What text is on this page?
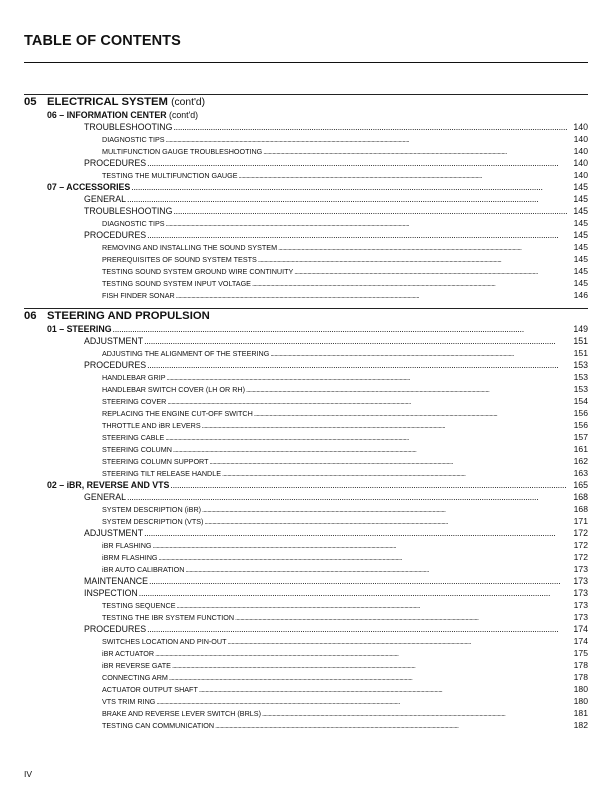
TABLE OF CONTENTS
05 ELECTRICAL SYSTEM (cont'd)
06 – INFORMATION CENTER (cont'd)
TROUBLESHOOTING . . .	140
DIAGNOSTIC TIPS . . .	140
MULTIFUNCTION GAUGE TROUBLESHOOTING . . .	140
PROCEDURES . . .	140
TESTING THE MULTIFUNCTION GAUGE . . .	140
07 – ACCESSORIES . . .	145
GENERAL . . .	145
TROUBLESHOOTING . . .	145
DIAGNOSTIC TIPS . . .	145
PROCEDURES . . .	145
REMOVING AND INSTALLING THE SOUND SYSTEM . . .	145
PREREQUISITES OF SOUND SYSTEM TESTS . . .	145
TESTING SOUND SYSTEM GROUND WIRE CONTINUITY . . .	145
TESTING SOUND SYSTEM INPUT VOLTAGE . . .	145
FISH FINDER SONAR . . .	146
06 STEERING AND PROPULSION
01 – STEERING . . .	149
ADJUSTMENT . . .	151
ADJUSTING THE ALIGNMENT OF THE STEERING . . .	151
PROCEDURES . . .	153
HANDLEBAR GRIP . . .	153
HANDLEBAR SWITCH COVER (LH OR RH) . . .	153
STEERING COVER . . .	154
REPLACING THE ENGINE CUT-OFF SWITCH . . .	156
THROTTLE AND iBR LEVERS . . .	156
STEERING CABLE . . .	157
STEERING COLUMN . . .	161
STEERING COLUMN SUPPORT . . .	162
STEERING TILT RELEASE HANDLE . . .	163
02 – iBR, REVERSE AND VTS . . .	165
GENERAL . . .	168
SYSTEM DESCRIPTION (iBR) . . .	168
SYSTEM DESCRIPTION (VTS) . . .	171
ADJUSTMENT . . .	172
iBR FLASHING . . .	172
iBRM FLASHING . . .	172
iBR AUTO CALIBRATION . . .	173
MAINTENANCE . . .	173
INSPECTION . . .	173
TESTING SEQUENCE . . .	173
TESTING THE IBR SYSTEM FUNCTION . . .	173
PROCEDURES . . .	174
SWITCHES LOCATION AND PIN-OUT . . .	174
iBR ACTUATOR . . .	175
iBR REVERSE GATE . . .	178
CONNECTING ARM . . .	178
ACTUATOR OUTPUT SHAFT . . .	180
VTS TRIM RING . . .	180
BRAKE AND REVERSE LEVER SWITCH (BRLS) . . .	181
TESTING CAN COMMUNICATION . . .	182
IV
